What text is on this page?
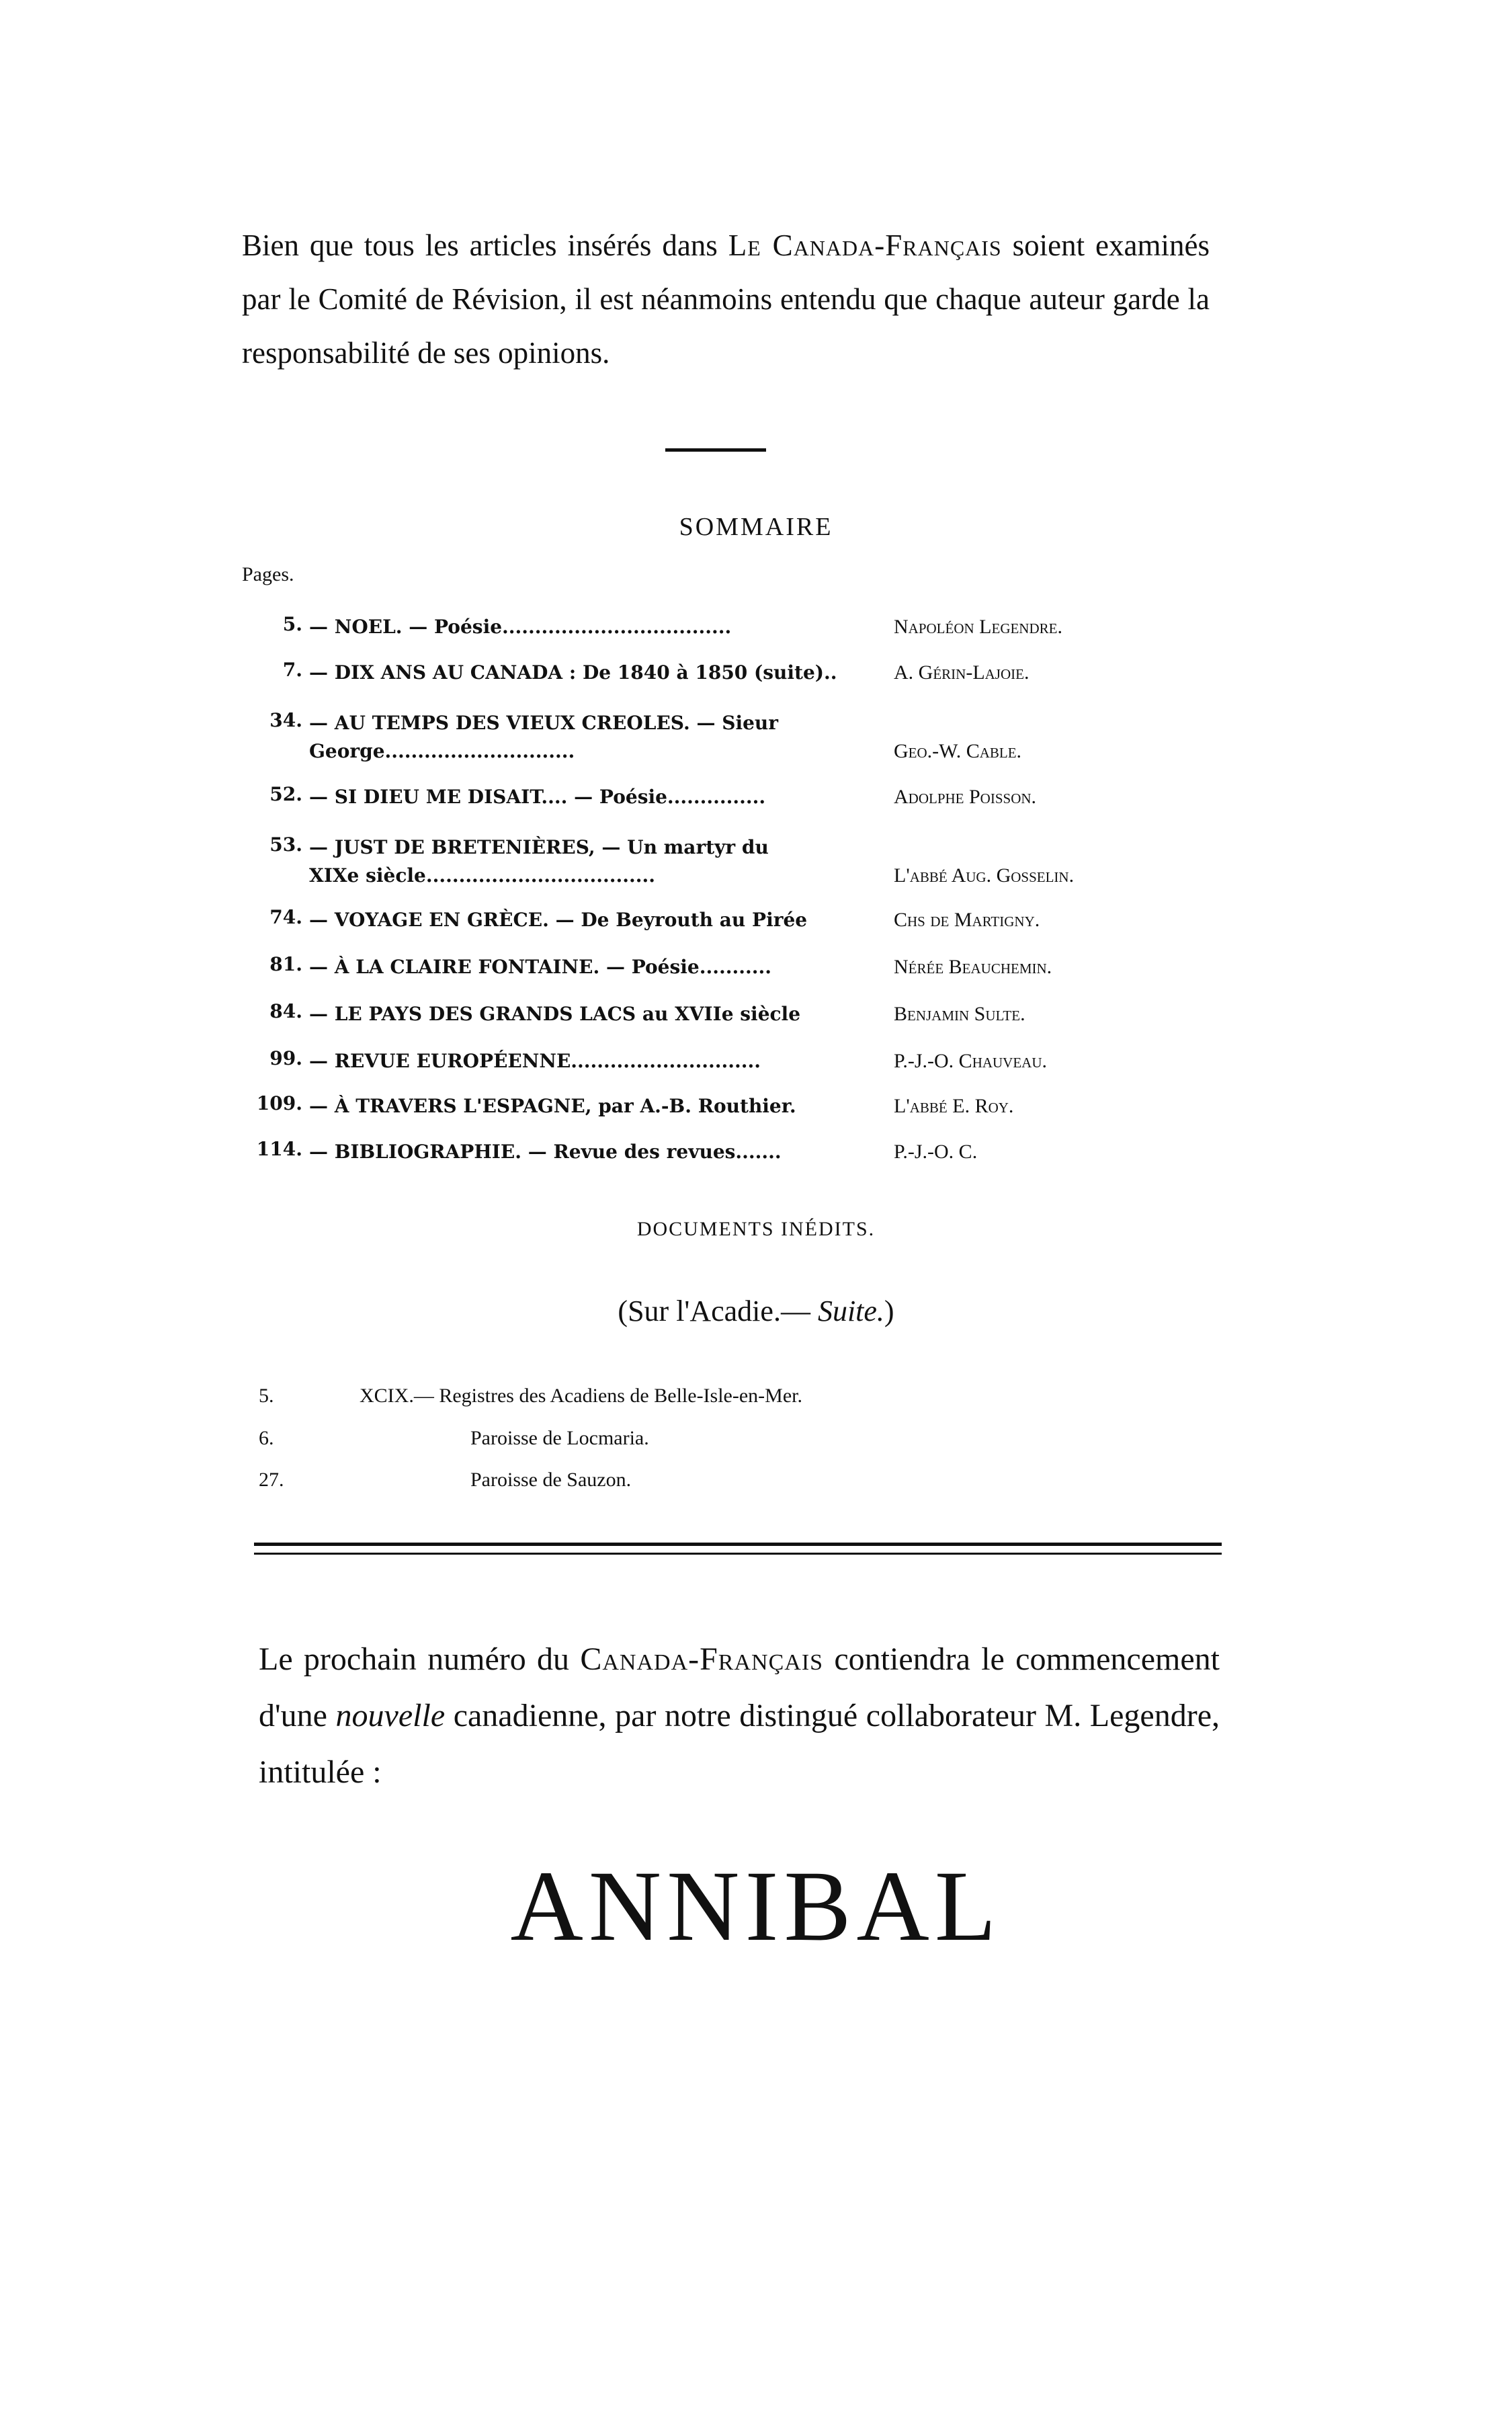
Bien que tous les articles insérés dans Le Canada-Français soient examinés par le Comité de Révision, il est néanmoins entendu que chaque auteur garde la responsabilité de ses opinions.
SOMMAIRE
Pages.
5. — NOEL. — Poésie...................................	Napoléon Legendre.
7. — DIX ANS AU CANADA : De 1840 à 1850 (suite)..	A. Gérin-Lajoie.
34. — AU TEMPS DES VIEUX CREOLES. — Sieur
George.............................	Geo.-W. Cable.
52. — SI DIEU ME DISAIT.... — Poésie...............	Adolphe Poisson.
53. — JUST DE BRETENIÈRES, — Un martyr du
XIXe siècle...................................	L'abbé Aug. Gosselin.
74. — VOYAGE EN GRÈCE. — De Beyrouth au Pirée	Chs de Martigny.
81. — À LA CLAIRE FONTAINE. — Poésie...........	Nérée Beauchemin.
84. — LE PAYS DES GRANDS LACS au XVIIe siècle	Benjamin Sulte.
99. — REVUE EUROPÉENNE.............................	P.-J.-O. Chauveau.
109. — À TRAVERS L'ESPAGNE, par A.-B. Routhier.	L'abbé E. Roy.
114. — BIBLIOGRAPHIE. — Revue des revues.......	P.-J.-O. C.
DOCUMENTS INÉDITS.
(Sur l'Acadie.— Suite.)
5.	XCIX.— Registres des Acadiens de Belle-Isle-en-Mer.
6.	Paroisse de Locmaria.
27.	Paroisse de Sauzon.
Le prochain numéro du Canada-Français contiendra le commencement d'une nouvelle canadienne, par notre distingué collaborateur M. Legendre, intitulée :
ANNIBAL
